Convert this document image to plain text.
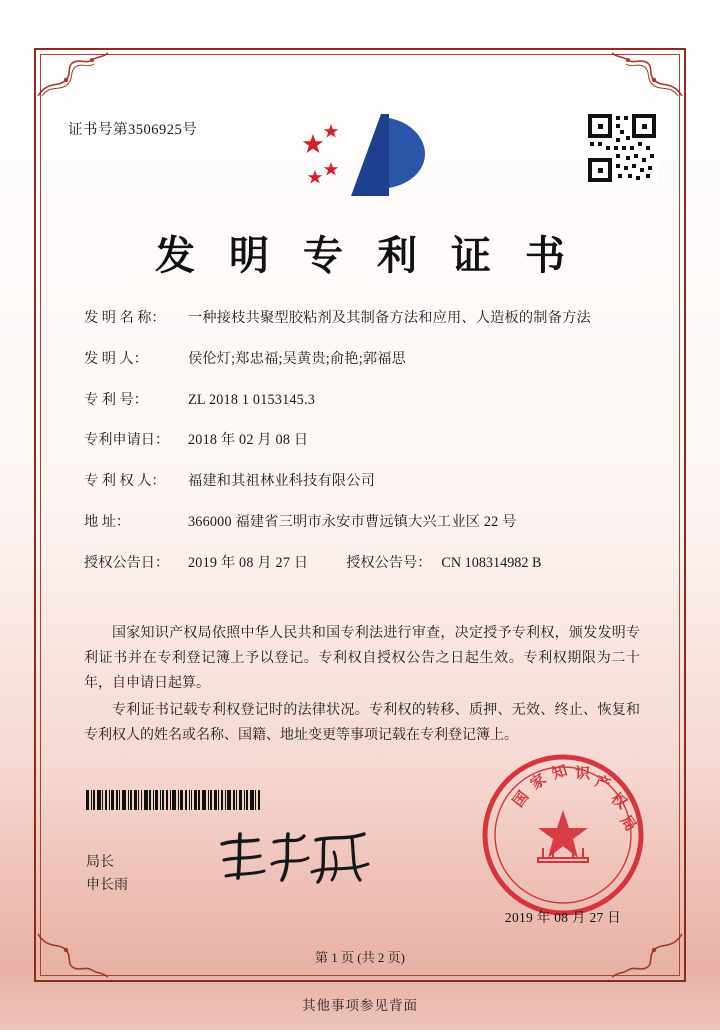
证书号第3506925号
发 明 专 利 证 书
发 明 名 称：	一种接枝共聚型胶粘剂及其制备方法和应用、人造板的制备方法
发 明 人：	侯伦灯;郑忠福;吴黄贵;俞艳;郭福思
专 利 号：	ZL 2018 1 0153145.3
专利申请日：	2018 年 02 月 08 日
专 利 权 人：	福建和其祖林业科技有限公司
地 址：	366000 福建省三明市永安市曹远镇大兴工业区 22 号
授权公告日：	2019 年 08 月 27 日	授权公告号： CN 108314982 B

国家知识产权局依照中华人民共和国专利法进行审查，决定授予专利权，颁发发明专利证书并在专利登记簿上予以登记。专利权自授权公告之日起生效。专利权期限为二十年，自申请日起算。

专利证书记载专利权登记时的法律状况。专利权的转移、质押、无效、终止、恢复和专利权人的姓名或名称、国籍、地址变更等事项记载在专利登记簿上。

局长
申长雨
国
家 知 识 产
权
局
2019 年 08 月 27 日
第 1 页 (共 2 页)
其他事项参见背面
